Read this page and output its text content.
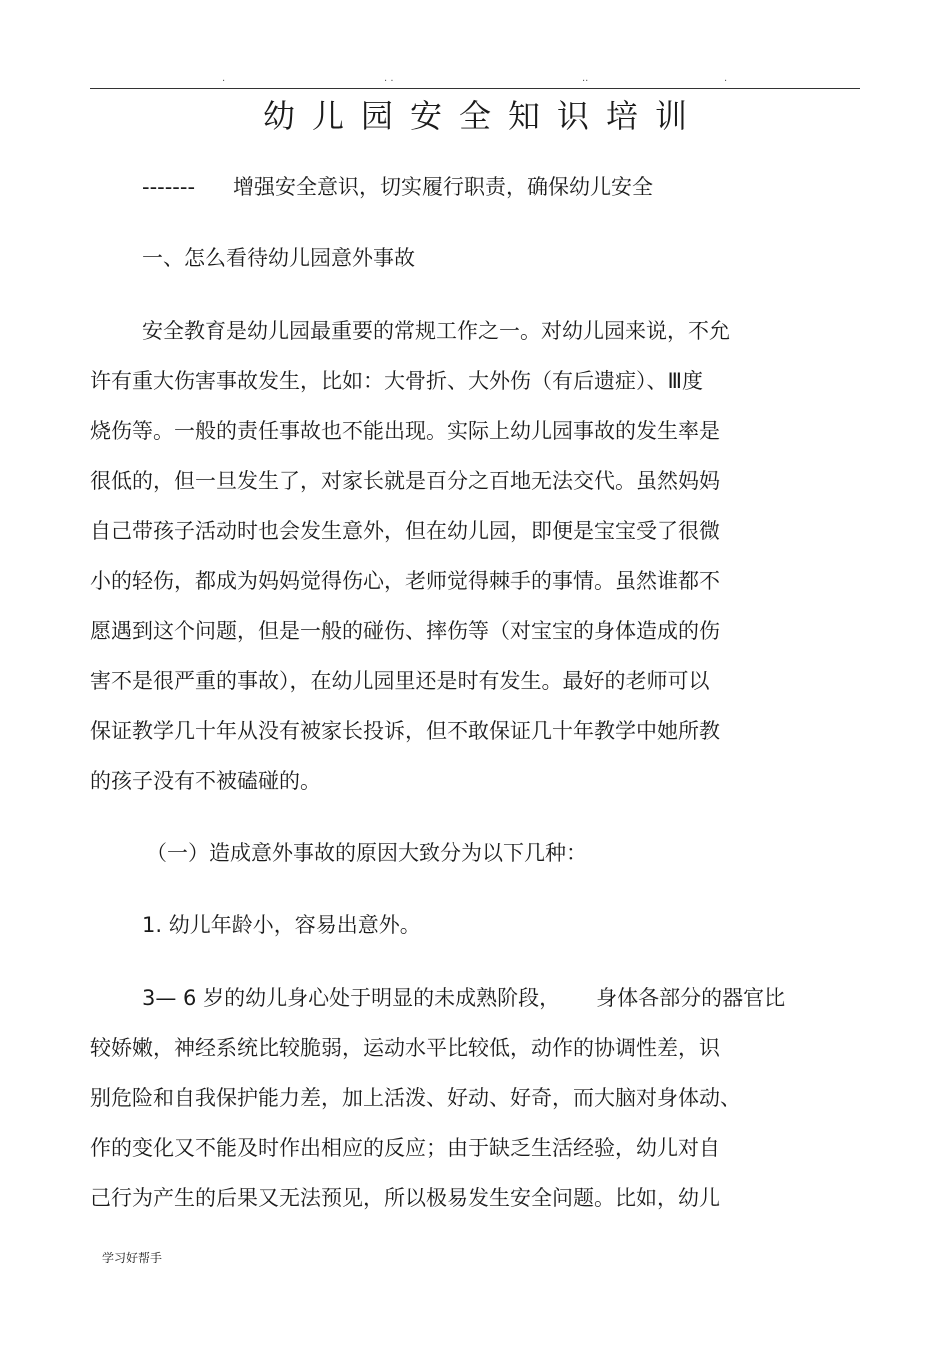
.	. .	..	.
幼儿园安全知识培训
------- 增强安全意识，切实履行职责，确保幼儿安全
一、怎么看待幼儿园意外事故
安全教育是幼儿园最重要的常规工作之一。对幼儿园来说，不允
许有重大伤害事故发生，比如：大骨折、大外伤（有后遗症）、Ⅲ度
烧伤等。一般的责任事故也不能出现。实际上幼儿园事故的发生率是
很低的，但一旦发生了，对家长就是百分之百地无法交代。虽然妈妈
自己带孩子活动时也会发生意外，但在幼儿园，即便是宝宝受了很微
小的轻伤，都成为妈妈觉得伤心，老师觉得棘手的事情。虽然谁都不
愿遇到这个问题，但是一般的碰伤、摔伤等（对宝宝的身体造成的伤
害不是很严重的事故），在幼儿园里还是时有发生。最好的老师可以
保证教学几十年从没有被家长投诉，但不敢保证几十年教学中她所教
的孩子没有不被磕碰的。
（一）造成意外事故的原因大致分为以下几种：
1. 幼儿年龄小，容易出意外。
3— 6 岁的幼儿身心处于明显的未成熟阶段， 身体各部分的器官比
较娇嫩，神经系统比较脆弱，运动水平比较低，动作的协调性差，识
别危险和自我保护能力差，加上活泼、好动、好奇，而大脑对身体动、
作的变化又不能及时作出相应的反应；由于缺乏生活经验，幼儿对自
己行为产生的后果又无法预见，所以极易发生安全问题。比如，幼儿
学习好帮手
